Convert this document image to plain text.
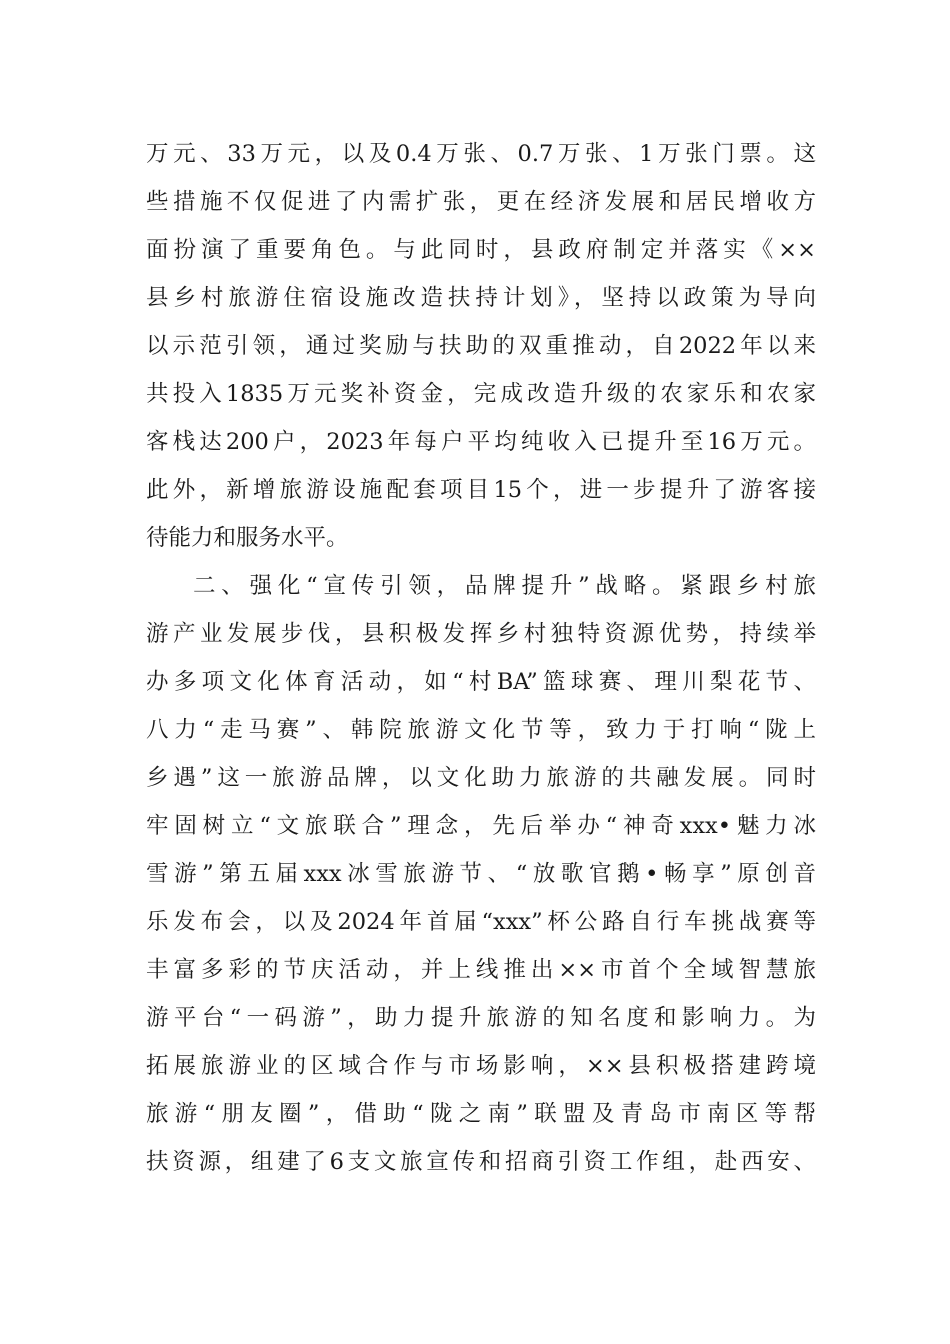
万元、33万元，以及0.4万张、0.7万张、1万张门票。这
些措施不仅促进了内需扩张，更在经济发展和居民增收方
面扮演了重要角色。与此同时，县政府制定并落实《××
县乡村旅游住宿设施改造扶持计划》，坚持以政策为导向
以示范引领，通过奖励与扶助的双重推动，自2022年以来
共投入1835万元奖补资金，完成改造升级的农家乐和农家
客栈达200户，2023年每户平均纯收入已提升至16万元。
此外，新增旅游设施配套项目15个，进一步提升了游客接
待能力和服务水平。
二、强化“宣传引领，品牌提升”战略。紧跟乡村旅
游产业发展步伐，县积极发挥乡村独特资源优势，持续举
办多项文化体育活动，如“村BA”篮球赛、理川梨花节、
八力“走马赛”、韩院旅游文化节等，致力于打响“陇上
乡遇”这一旅游品牌，以文化助力旅游的共融发展。同时
牢固树立“文旅联合”理念，先后举办“神奇xxx•魅力冰
雪游”第五届xxx冰雪旅游节、“放歌官鹅•畅享”原创音
乐发布会，以及2024年首届“xxx”杯公路自行车挑战赛等
丰富多彩的节庆活动，并上线推出××市首个全域智慧旅
游平台“一码游”，助力提升旅游的知名度和影响力。为
拓展旅游业的区域合作与市场影响，××县积极搭建跨境
旅游“朋友圈”，借助“陇之南”联盟及青岛市南区等帮
扶资源，组建了6支文旅宣传和招商引资工作组，赴西安、
